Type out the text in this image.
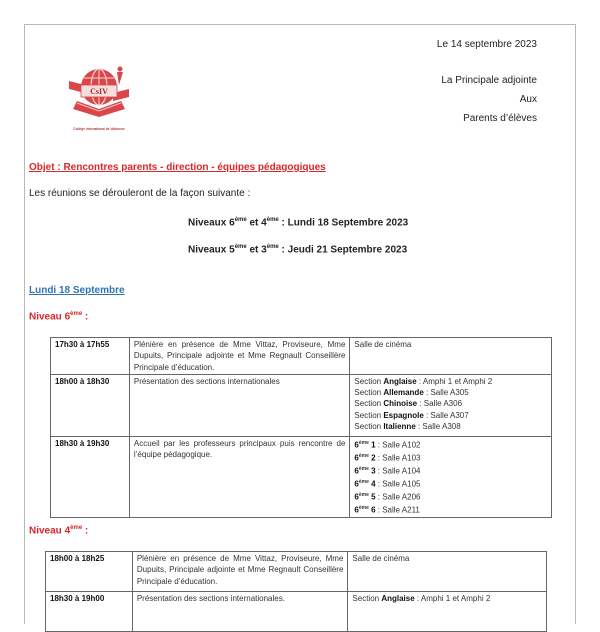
CsIV
Collège International de Valbonne
Le 14 septembre 2023
La Principale adjointe
Aux
Parents d’élèves
Objet : Rencontres parents - direction - équipes pédagogiques
Les réunions se dérouleront de la façon suivante :
Niveaux 6ème et 4ème : Lundi 18 Septembre 2023
Niveaux 5ème et 3ème : Jeudi 21 Septembre 2023
Lundi 18 Septembre
Niveau 6ème :
17h30 à 17h55	Plénière en présence de Mme Vittaz, Proviseure, Mme Dupuits, Principale adjointe et Mme Regnault Conseillère Principale d’éducation.	Salle de cinéma

18h00 à 18h30	Présentation des sections internationales	Section Anglaise : Amphi 1 et Amphi 2
Section Allemande : Salle A305
Section Chinoise : Salle A306
Section Espagnole : Salle A307
Section Italienne : Salle A308

18h30 à 19h30	Accueil par les professeurs principaux puis rencontre de l’équipe pédagogique.	
6ème 1 : Salle A102
6ème 2 : Salle A103
6ème 3 : Salle A104
6ème 4 : Salle A105
6ème 5 : Salle A206
6ème 6 : Salle A211
Niveau 4ème :
18h00 à 18h25	Plénière en présence de Mme Vittaz, Proviseure, Mme Dupuits, Principale adjointe et Mme Regnault Conseillère Principale d’éducation.	Salle de cinéma

18h30 à 19h00	Présentation des sections internationales.	Section Anglaise : Amphi 1 et Amphi 2
